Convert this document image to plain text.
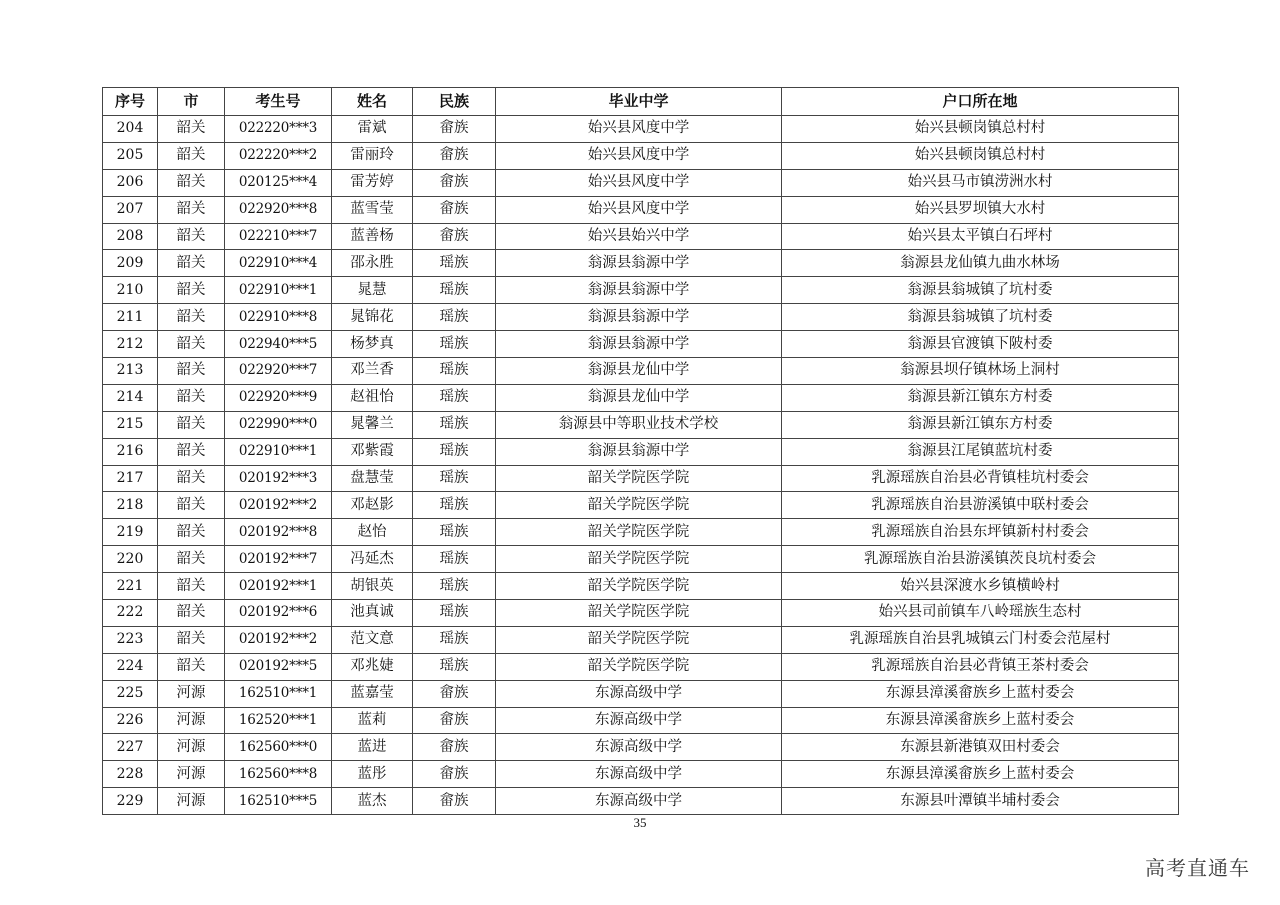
序号	市	考生号	姓名	民族	毕业中学	户口所在地
204	韶关	022220***3	雷斌	畲族	始兴县风度中学	始兴县顿岗镇总村村
205	韶关	022220***2	雷丽玲	畲族	始兴县风度中学	始兴县顿岗镇总村村
206	韶关	020125***4	雷芳婷	畲族	始兴县风度中学	始兴县马市镇涝洲水村
207	韶关	022920***8	蓝雪莹	畲族	始兴县风度中学	始兴县罗坝镇大水村
208	韶关	022210***7	蓝善杨	畲族	始兴县始兴中学	始兴县太平镇白石坪村
209	韶关	022910***4	邵永胜	瑶族	翁源县翁源中学	翁源县龙仙镇九曲水林场
210	韶关	022910***1	晁慧	瑶族	翁源县翁源中学	翁源县翁城镇了坑村委
211	韶关	022910***8	晁锦花	瑶族	翁源县翁源中学	翁源县翁城镇了坑村委
212	韶关	022940***5	杨梦真	瑶族	翁源县翁源中学	翁源县官渡镇下陂村委
213	韶关	022920***7	邓兰香	瑶族	翁源县龙仙中学	翁源县坝仔镇林场上洞村
214	韶关	022920***9	赵祖怡	瑶族	翁源县龙仙中学	翁源县新江镇东方村委
215	韶关	022990***0	晁馨兰	瑶族	翁源县中等职业技术学校	翁源县新江镇东方村委
216	韶关	022910***1	邓紫霞	瑶族	翁源县翁源中学	翁源县江尾镇蓝坑村委
217	韶关	020192***3	盘慧莹	瑶族	韶关学院医学院	乳源瑶族自治县必背镇桂坑村委会
218	韶关	020192***2	邓赵影	瑶族	韶关学院医学院	乳源瑶族自治县游溪镇中联村委会
219	韶关	020192***8	赵怡	瑶族	韶关学院医学院	乳源瑶族自治县东坪镇新村村委会
220	韶关	020192***7	冯延杰	瑶族	韶关学院医学院	乳源瑶族自治县游溪镇茨良坑村委会
221	韶关	020192***1	胡银英	瑶族	韶关学院医学院	始兴县深渡水乡镇横岭村
222	韶关	020192***6	池真诚	瑶族	韶关学院医学院	始兴县司前镇车八岭瑶族生态村
223	韶关	020192***2	范文意	瑶族	韶关学院医学院	乳源瑶族自治县乳城镇云门村委会范屋村
224	韶关	020192***5	邓兆婕	瑶族	韶关学院医学院	乳源瑶族自治县必背镇王茶村委会
225	河源	162510***1	蓝嘉莹	畲族	东源高级中学	东源县漳溪畲族乡上蓝村委会
226	河源	162520***1	蓝莉	畲族	东源高级中学	东源县漳溪畲族乡上蓝村委会
227	河源	162560***0	蓝进	畲族	东源高级中学	东源县新港镇双田村委会
228	河源	162560***8	蓝彤	畲族	东源高级中学	东源县漳溪畲族乡上蓝村委会
229	河源	162510***5	蓝杰	畲族	东源高级中学	东源县叶潭镇半埔村委会
35
高考直通车
